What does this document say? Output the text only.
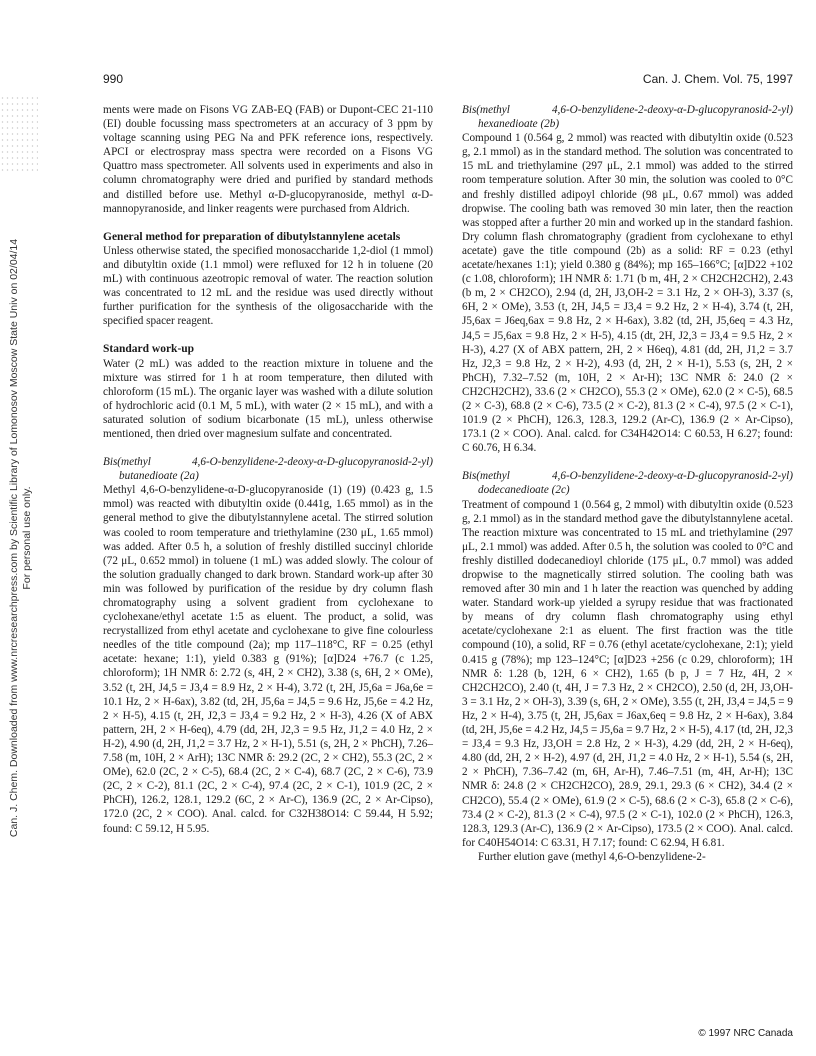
990	Can. J. Chem. Vol. 75, 1997
Can. J. Chem. Downloaded from www.nrcresearchpress.com by Scientific Library of Lomonosov Moscow State Univ on 02/04/14 For personal use only.

ments were made on Fisons VG ZAB-EQ (FAB) or Dupont-CEC 21-110 (EI) double focussing mass spectrometers at an accuracy of 3 ppm by voltage scanning using PEG Na and PFK reference ions, respectively. APCI or electrospray mass spectra were recorded on a Fisons VG Quattro mass spectrometer. All solvents used in experiments and also in column chromatography were dried and purified by standard methods and distilled before use. Methyl α-D-glucopyranoside, methyl α-D-mannopyranoside, and linker reagents were purchased from Aldrich.

General method for preparation of dibutylstannylene acetals

Unless otherwise stated, the specified monosaccharide 1,2-diol (1 mmol) and dibutyltin oxide (1.1 mmol) were refluxed for 12 h in toluene (20 mL) with continuous azeotropic removal of water. The reaction solution was concentrated to 12 mL and the residue was used directly without further purification for the synthesis of the oligosaccharide with the specified spacer reagent.

Standard work-up

Water (2 mL) was added to the reaction mixture in toluene and the mixture was stirred for 1 h at room temperature, then diluted with chloroform (15 mL). The organic layer was washed with a dilute solution of hydrochloric acid (0.1 M, 5 mL), with water (2 × 15 mL), and with a saturated solution of sodium bicarbonate (15 mL), unless otherwise mentioned, then dried over magnesium sulfate and concentrated.

Bis(methyl 4,6-O-benzylidene-2-deoxy-α-D-glucopyranosid-2-yl) butanedioate (2a)

Methyl 4,6-O-benzylidene-α-D-glucopyranoside (1) (19) (0.423 g, 1.5 mmol) was reacted with dibutyltin oxide (0.441g, 1.65 mmol) as in the general method to give the dibutylstannylene acetal. The stirred solution was cooled to room temperature and triethylamine (230 μL, 1.65 mmol) was added. After 0.5 h, a solution of freshly distilled succinyl chloride (72 μL, 0.652 mmol) in toluene (1 mL) was added slowly. The colour of the solution gradually changed to dark brown. Standard work-up after 30 min was followed by purification of the residue by dry column flash chromatography using a solvent gradient from cyclohexane to cyclohexane/ethyl acetate 1:5 as eluent. The product, a solid, was recrystallized from ethyl acetate and cyclohexane to give fine colourless needles of the title compound (2a); mp 117–118°C, RF = 0.25 (ethyl acetate: hexane; 1:1), yield 0.383 g (91%); [α]D24 +76.7 (c 1.25, chloroform); 1H NMR δ: 2.72 (s, 4H, 2 × CH2), 3.38 (s, 6H, 2 × OMe), 3.52 (t, 2H, J4,5 = J3,4 = 8.9 Hz, 2 × H-4), 3.72 (t, 2H, J5,6a = J6a,6e = 10.1 Hz, 2 × H-6ax), 3.82 (td, 2H, J5,6a = J4,5 = 9.6 Hz, J5,6e = 4.2 Hz, 2 × H-5), 4.15 (t, 2H, J2,3 = J3,4 = 9.2 Hz, 2 × H-3), 4.26 (X of ABX pattern, 2H, 2 × H-6eq), 4.79 (dd, 2H, J2,3 = 9.5 Hz, J1,2 = 4.0 Hz, 2 × H-2), 4.90 (d, 2H, J1,2 = 3.7 Hz, 2 × H-1), 5.51 (s, 2H, 2 × PhCH), 7.26–7.58 (m, 10H, 2 × ArH); 13C NMR δ: 29.2 (2C, 2 × CH2), 55.3 (2C, 2 × OMe), 62.0 (2C, 2 × C-5), 68.4 (2C, 2 × C-4), 68.7 (2C, 2 × C-6), 73.9 (2C, 2 × C-2), 81.1 (2C, 2 × C-4), 97.4 (2C, 2 × C-1), 101.9 (2C, 2 × PhCH), 126.2, 128.1, 129.2 (6C, 2 × Ar-C), 136.9 (2C, 2 × Ar-Cipso), 172.0 (2C, 2 × COO). Anal. calcd. for C32H38O14: C 59.44, H 5.92; found: C 59.12, H 5.95.

Bis(methyl 4,6-O-benzylidene-2-deoxy-α-D-glucopyranosid-2-yl) hexanedioate (2b)

Compound 1 (0.564 g, 2 mmol) was reacted with dibutyltin oxide (0.523 g, 2.1 mmol) as in the standard method. The solution was concentrated to 15 mL and triethylamine (297 μL, 2.1 mmol) was added to the stirred room temperature solution. After 30 min, the solution was cooled to 0°C and freshly distilled adipoyl chloride (98 μL, 0.67 mmol) was added dropwise. The cooling bath was removed 30 min later, then the reaction was stopped after a further 20 min and worked up in the standard fashion. Dry column flash chromatography (gradient from cyclohexane to ethyl acetate) gave the title compound (2b) as a solid: RF = 0.23 (ethyl acetate/hexanes 1:1); yield 0.380 g (84%); mp 165–166°C; [α]D22 +102 (c 1.08, chloroform); 1H NMR δ: 1.71 (b m, 4H, 2 × CH2CH2CH2), 2.43 (b m, 2 × CH2CO), 2.94 (d, 2H, J3,OH-2 = 3.1 Hz, 2 × OH-3), 3.37 (s, 6H, 2 × OMe), 3.53 (t, 2H, J4,5 = J3,4 = 9.2 Hz, 2 × H-4), 3.74 (t, 2H, J5,6ax = J6eq,6ax = 9.8 Hz, 2 × H-6ax), 3.82 (td, 2H, J5,6eq = 4.3 Hz, J4,5 = J5,6ax = 9.8 Hz, 2 × H-5), 4.15 (dt, 2H, J2,3 = J3,4 = 9.5 Hz, 2 × H-3), 4.27 (X of ABX pattern, 2H, 2 × H6eq), 4.81 (dd, 2H, J1,2 = 3.7 Hz, J2,3 = 9.8 Hz, 2 × H-2), 4.93 (d, 2H, 2 × H-1), 5.53 (s, 2H, 2 × PhCH), 7.32–7.52 (m, 10H, 2 × Ar-H); 13C NMR δ: 24.0 (2 × CH2CH2CH2), 33.6 (2 × CH2CO), 55.3 (2 × OMe), 62.0 (2 × C-5), 68.5 (2 × C-3), 68.8 (2 × C-6), 73.5 (2 × C-2), 81.3 (2 × C-4), 97.5 (2 × C-1), 101.9 (2 × PhCH), 126.3, 128.3, 129.2 (Ar-C), 136.9 (2 × Ar-Cipso), 173.1 (2 × COO). Anal. calcd. for C34H42O14: C 60.53, H 6.27; found: C 60.76, H 6.34.

Bis(methyl 4,6-O-benzylidene-2-deoxy-α-D-glucopyranosid-2-yl) dodecanedioate (2c)

Treatment of compound 1 (0.564 g, 2 mmol) with dibutyltin oxide (0.523 g, 2.1 mmol) as in the standard method gave the dibutylstannylene acetal. The reaction mixture was concentrated to 15 mL and triethylamine (297 μL, 2.1 mmol) was added. After 0.5 h, the solution was cooled to 0°C and freshly distilled dodecanedioyl chloride (175 μL, 0.7 mmol) was added dropwise to the magnetically stirred solution. The cooling bath was removed after 30 min and 1 h later the reaction was quenched by adding water. Standard work-up yielded a syrupy residue that was fractionated by means of dry column flash chromatography using ethyl acetate/cyclohexane 2:1 as eluent. The first fraction was the title compound (10), a solid, RF = 0.76 (ethyl acetate/cyclohexane, 2:1); yield 0.415 g (78%); mp 123–124°C; [α]D23 +256 (c 0.29, chloroform); 1H NMR δ: 1.28 (b, 12H, 6 × CH2), 1.65 (b p, J = 7 Hz, 4H, 2 × CH2CH2CO), 2.40 (t, 4H, J = 7.3 Hz, 2 × CH2CO), 2.50 (d, 2H, J3,OH-3 = 3.1 Hz, 2 × OH-3), 3.39 (s, 6H, 2 × OMe), 3.55 (t, 2H, J3,4 = J4,5 = 9 Hz, 2 × H-4), 3.75 (t, 2H, J5,6ax = J6ax,6eq = 9.8 Hz, 2 × H-6ax), 3.84 (td, 2H, J5,6e = 4.2 Hz, J4,5 = J5,6a = 9.7 Hz, 2 × H-5), 4.17 (td, 2H, J2,3 = J3,4 = 9.3 Hz, J3,OH = 2.8 Hz, 2 × H-3), 4.29 (dd, 2H, 2 × H-6eq), 4.80 (dd, 2H, 2 × H-2), 4.97 (d, 2H, J1,2 = 4.0 Hz, 2 × H-1), 5.54 (s, 2H, 2 × PhCH), 7.36–7.42 (m, 6H, Ar-H), 7.46–7.51 (m, 4H, Ar-H); 13C NMR δ: 24.8 (2 × CH2CH2CO), 28.9, 29.1, 29.3 (6 × CH2), 34.4 (2 × CH2CO), 55.4 (2 × OMe), 61.9 (2 × C-5), 68.6 (2 × C-3), 65.8 (2 × C-6), 73.4 (2 × C-2), 81.3 (2 × C-4), 97.5 (2 × C-1), 102.0 (2 × PhCH), 126.3, 128.3, 129.3 (Ar-C), 136.9 (2 × Ar-Cipso), 173.5 (2 × COO). Anal. calcd. for C40H54O14: C 63.31, H 7.17; found: C 62.94, H 6.81.

Further elution gave (methyl 4,6-O-benzylidene-2-

© 1997 NRC Canada
